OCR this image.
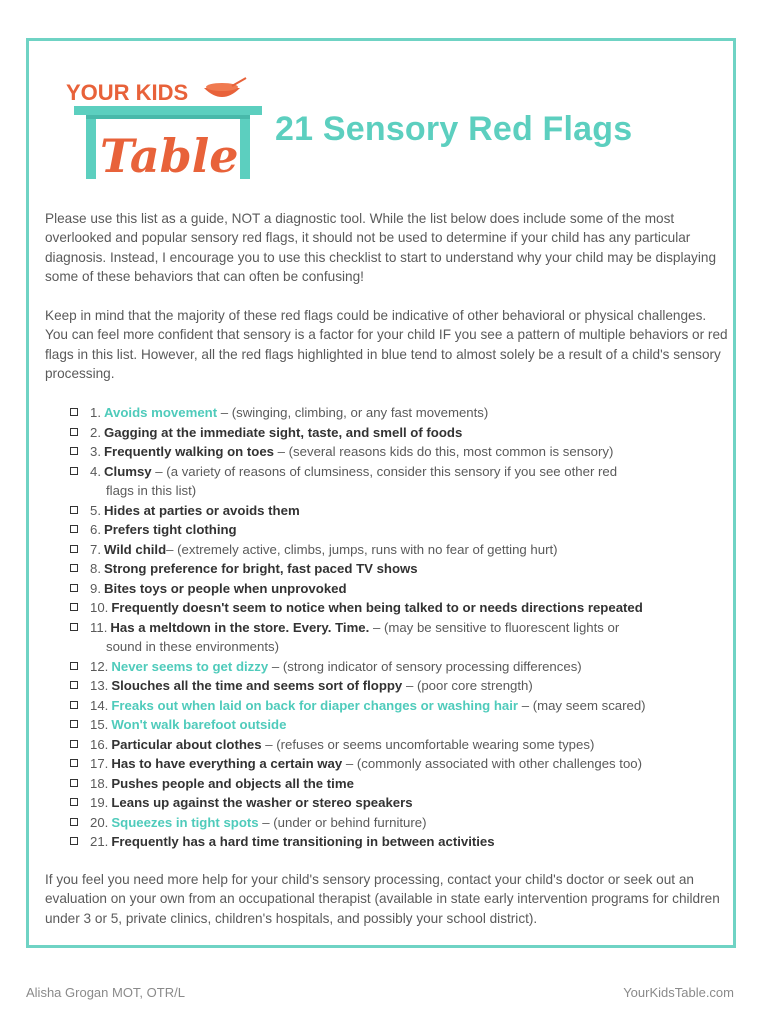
YOUR KIDS
Table 21 Sensory Red Flags
Please use this list as a guide, NOT a diagnostic tool. While the list below does include some of the most overlooked and popular sensory red flags, it should not be used to determine if your child has any particular diagnosis. Instead, I encourage you to use this checklist to start to understand why your child may be displaying some of these behaviors that can often be confusing!
Keep in mind that the majority of these red flags could be indicative of other behavioral or physical challenges. You can feel more confident that sensory is a factor for your child IF you see a pattern of multiple behaviors or red flags in this list. However, all the red flags highlighted in blue tend to almost solely be a result of a child's sensory processing.
1. Avoids movement – (swinging, climbing, or any fast movements)
2. Gagging at the immediate sight, taste, and smell of foods
3. Frequently walking on toes – (several reasons kids do this, most common is sensory)
4. Clumsy – (a variety of reasons of clumsiness, consider this sensory if you see other red
flags in this list)
5. Hides at parties or avoids them
6. Prefers tight clothing
7. Wild child– (extremely active, climbs, jumps, runs with no fear of getting hurt)
8. Strong preference for bright, fast paced TV shows
9. Bites toys or people when unprovoked
10. Frequently doesn't seem to notice when being talked to or needs directions repeated
11. Has a meltdown in the store. Every. Time. – (may be sensitive to fluorescent lights or
sound in these environments)
12. Never seems to get dizzy – (strong indicator of sensory processing differences)
13. Slouches all the time and seems sort of floppy – (poor core strength)
14. Freaks out when laid on back for diaper changes or washing hair – (may seem scared)
15. Won't walk barefoot outside
16. Particular about clothes – (refuses or seems uncomfortable wearing some types)
17. Has to have everything a certain way – (commonly associated with other challenges too)
18. Pushes people and objects all the time
19. Leans up against the washer or stereo speakers
20. Squeezes in tight spots – (under or behind furniture)
21. Frequently has a hard time transitioning in between activities
If you feel you need more help for your child's sensory processing, contact your child's doctor or seek out an evaluation on your own from an occupational therapist (available in state early intervention programs for children under 3 or 5, private clinics, children's hospitals, and possibly your school district).
Alisha Grogan MOT, OTR/L	YourKidsTable.com
